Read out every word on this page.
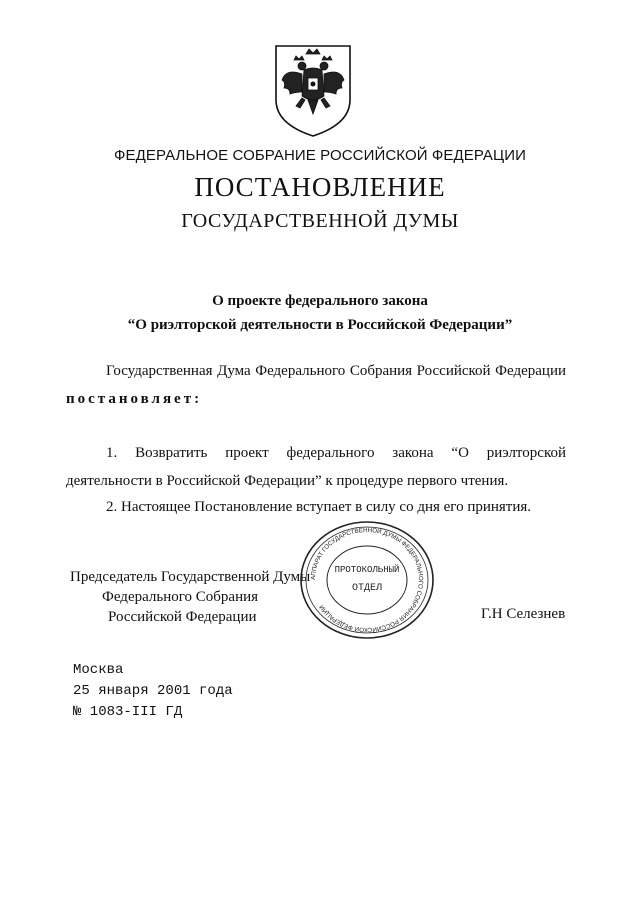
ФЕДЕРАЛЬНОЕ СОБРАНИЕ РОССИЙСКОЙ ФЕДЕРАЦИИ
ПОСТАНОВЛЕНИЕ
ГОСУДАРСТВЕННОЙ ДУМЫ
О проекте федерального закона
“О риэлторской деятельности в Российской Федерации”
Государственная Дума Федерального Собрания Российской Федерации постановляет:
1. Возвратить проект федерального закона “О риэлторской деятельности в Российской Федерации” к процедуре первого чтения.
2. Настоящее Постановление вступает в силу со дня его принятия.
Председатель Государственной Думы
Федерального Собрания
Российской Федерации
АППАРАТ ГОСУДАРСТВЕННОЙ ДУМЫ ФЕДЕРАЛЬНОГО СОБРАНИЯ РОССИЙСКОЙ ФЕДЕРАЦИИ
ПРОТОКОЛЬНЫЙ
ОТДЕЛ
Г.Н Селезнев
Москва
25 января 2001 года
№ 1083-III ГД
